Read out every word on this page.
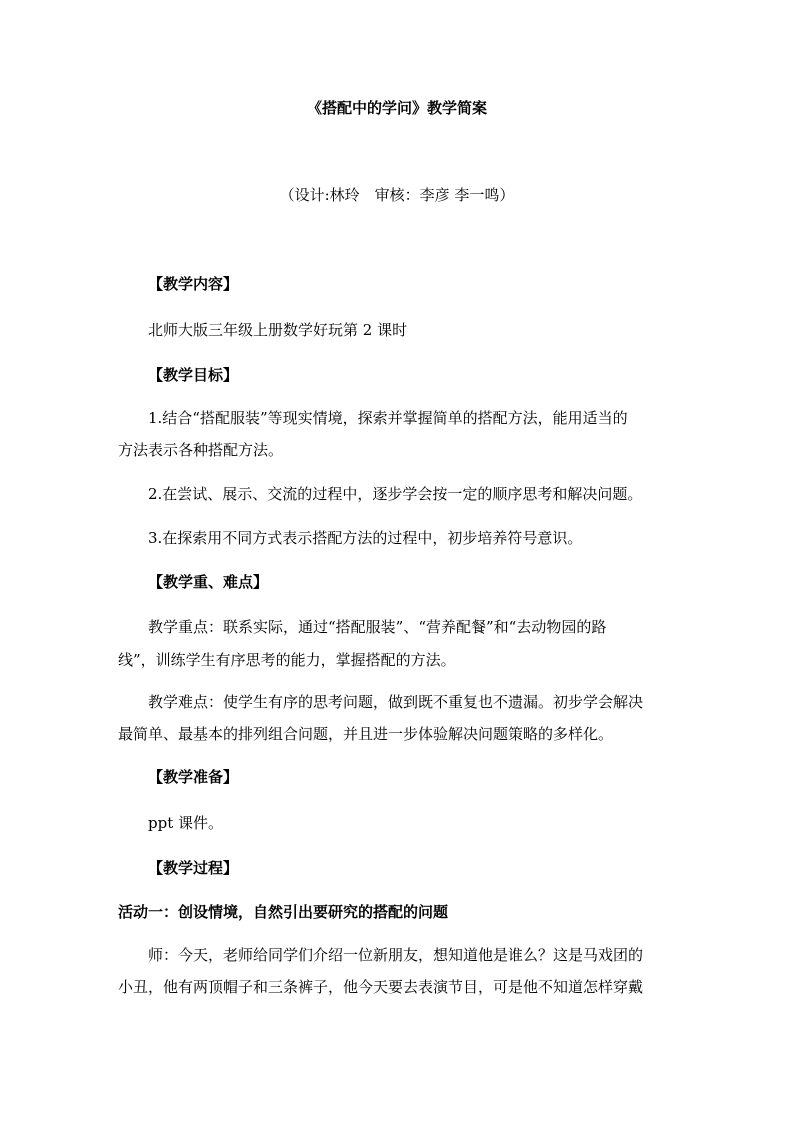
《搭配中的学问》教学简案
（设计:林玲　审核：李彦 李一鸣）
【教学内容】
北师大版三年级上册数学好玩第 2 课时
【教学目标】
1.结合“搭配服装”等现实情境，探索并掌握简单的搭配方法，能用适当的
方法表示各种搭配方法。
2.在尝试、展示、交流的过程中，逐步学会按一定的顺序思考和解决问题。
3.在探索用不同方式表示搭配方法的过程中，初步培养符号意识。
【教学重、难点】
教学重点：联系实际，通过“搭配服装”、“营养配餐”和“去动物园的路
线”，训练学生有序思考的能力，掌握搭配的方法。
教学难点：使学生有序的思考问题，做到既不重复也不遗漏。初步学会解决
最简单、最基本的排列组合问题，并且进一步体验解决问题策略的多样化。
【教学准备】
ppt 课件。
【教学过程】
活动一：创设情境，自然引出要研究的搭配的问题
师：今天，老师给同学们介绍一位新朋友，想知道他是谁么？这是马戏团的
小丑，他有两顶帽子和三条裤子，他今天要去表演节目，可是他不知道怎样穿戴
